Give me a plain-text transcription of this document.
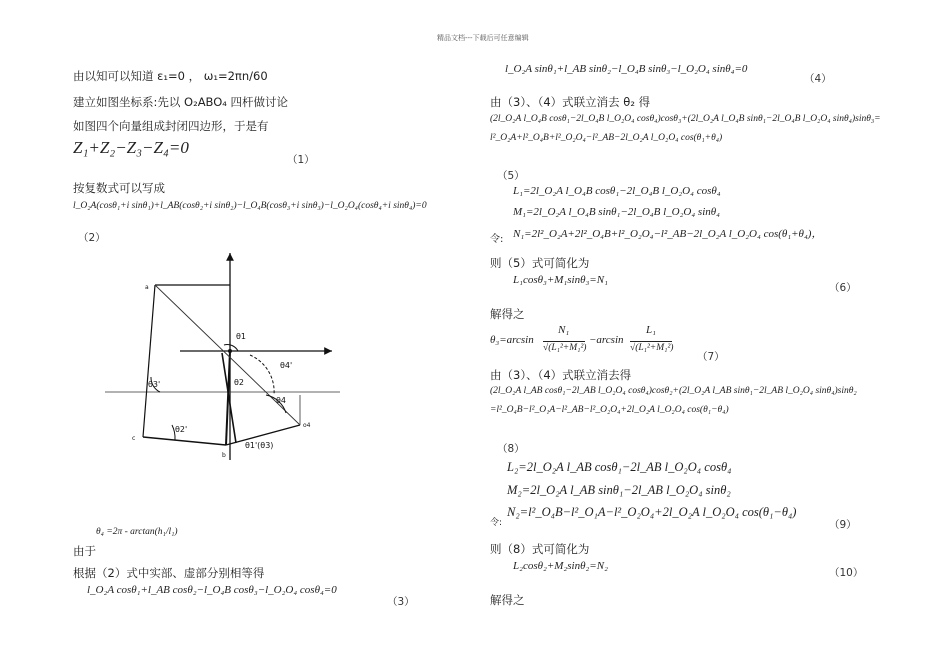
精品文档---下载后可任意编辑
由以知可以知道 ε₁=0 ， ω₁=2πn/60
建立如图坐标系:先以 O₂ABO₄ 四杆做讨论
如图四个向量组成封闭四边形，于是有
Z₁+Z₂−Z₃−Z₄=0
（1）
按复数式可以写成
l_O₂A(cosθ₁+i sinθ₁)+l_AB(cosθ₂+i sinθ₂)−l_O₄B(cosθ₃+i sinθ₃)−l_O₂O₄(cosθ₄+i sinθ₄)=0
（2）
a
c
b
o4
θ1
θ2
θ3'
θ4
θ4'
θ2'
θ1'(θ3)
θ₄ =2π - arctan(h₁/l₁)
由于
根据（2）式中实部、虚部分别相等得
l_O₂A cosθ₁+l_AB cosθ₂−l_O₄B cosθ₃−l_O₂O₄ cosθ₄=0
（3）
l_O₂A sinθ₁+l_AB sinθ₂−l_O₄B sinθ₃−l_O₂O₄ sinθ₄=0
（4）
由（3）、（4）式联立消去 θ₂ 得
(2l_O₂A l_O₄B cosθ₁−2l_O₄B l_O₂O₄ cosθ₄)cosθ₃+(2l_O₂A l_O₄B sinθ₁−2l_O₄B l_O₂O₄ sinθ₄)sinθ₃=
l²_O₂A+l²_O₄B+l²_O₂O₄−l²_AB−2l_O₂A l_O₂O₄ cos(θ₁+θ₄)
（5）
L₁=2l_O₂A l_O₄B cosθ₁−2l_O₄B l_O₂O₄ cosθ₄
M₁=2l_O₂A l_O₄B sinθ₁−2l_O₄B l_O₂O₄ sinθ₄
令: N₁=2l²_O₂A+2l²_O₄B+l²_O₂O₄−l²_AB−2l_O₂A l_O₂O₄ cos(θ₁+θ₄)，
则（5）式可简化为
L₁cosθ₃+M₁sinθ₃=N₁
（6）
解得之
θ₃=arcsin
N₁
√(L₁²+M₁²)
−arcsin
L₁
√(L₁²+M₁²)
（7）
由（3）、（4）式联立消去得
(2l_O₂A l_AB cosθ₁−2l_AB l_O₂O₄ cosθ₄)cosθ₂+(2l_O₂A l_AB sinθ₁−2l_AB l_O₂O₄ sinθ₄)sinθ₂
=l²_O₄B−l²_O₁A−l²_AB−l²_O₂O₄+2l_O₂A l_O₂O₄ cos(θ₁−θ₄)
（8）
L₂=2l_O₂A l_AB cosθ₁−2l_AB l_O₂O₄ cosθ₄
M₂=2l_O₂A l_AB sinθ₁−2l_AB l_O₂O₄ sinθ₂
令:
N₂=l²_O₄B−l²_O₁A−l²_O₂O₄+2l_O₂A l_O₂O₄ cos(θ₁−θ₄)
（9）
则（8）式可简化为
L₂cosθ₂+M₂sinθ₂=N₂
（10）
解得之
